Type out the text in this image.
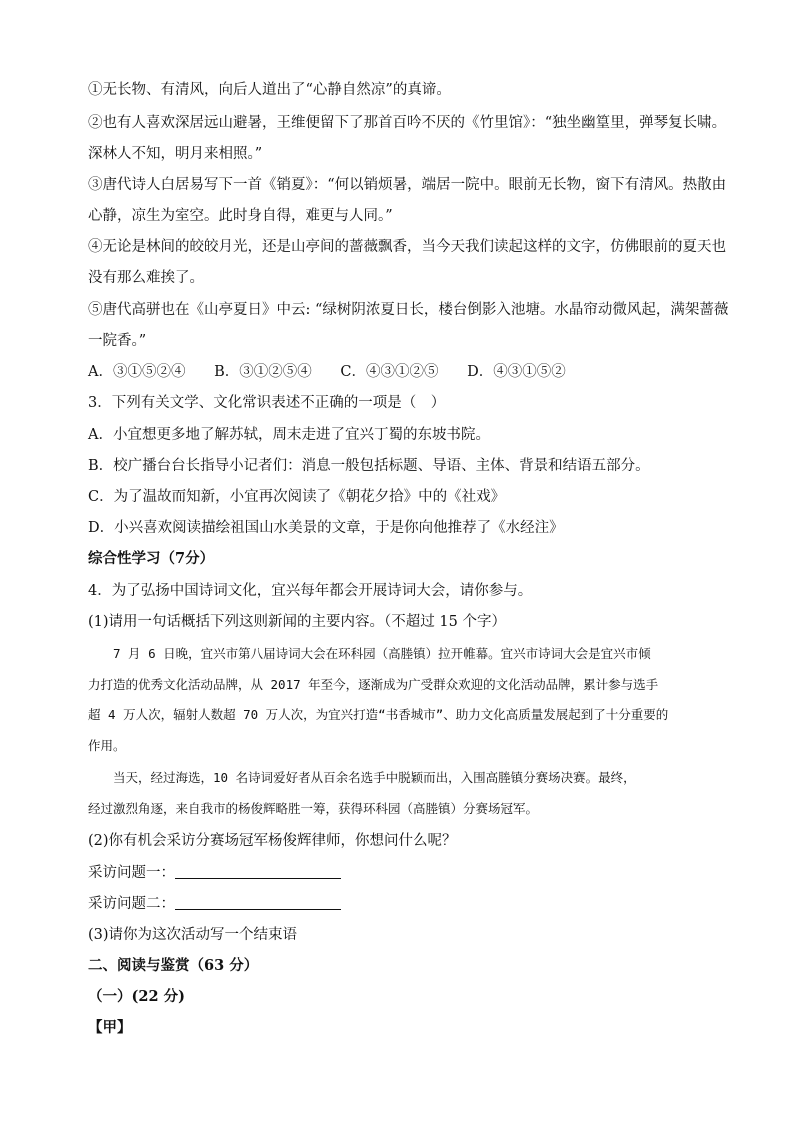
①无长物、有清风，向后人道出了“心静自然凉”的真谛。
②也有人喜欢深居远山避暑，王维便留下了那首百吟不厌的《竹里馆》：“独坐幽篁里，弹琴复长啸。
深林人不知，明月来相照。”
③唐代诗人白居易写下一首《销夏》：“何以销烦暑，端居一院中。眼前无长物，窗下有清风。热散由
心静，凉生为室空。此时身自得，难更与人同。”
④无论是林间的皎皎月光，还是山亭间的蔷薇飘香，当今天我们读起这样的文字，仿佛眼前的夏天也
没有那么难挨了。
⑤唐代高骈也在《山亭夏日》中云: “绿树阴浓夏日长，楼台倒影入池塘。水晶帘动微风起，满架蔷薇
一院香。”
A．③①⑤②④ B．③①②⑤④ C．④③①②⑤ D．④③①⑤②
3．下列有关文学、文化常识表述不正确的一项是（　）
A．小宜想更多地了解苏轼，周末走进了宜兴丁蜀的东坡书院。
B．校广播台台长指导小记者们：消息一般包括标题、导语、主体、背景和结语五部分。
C．为了温故而知新，小宜再次阅读了《朝花夕拾》中的《社戏》
D．小兴喜欢阅读描绘祖国山水美景的文章，于是你向他推荐了《水经注》
综合性学习（7分）
4．为了弘扬中国诗词文化，宜兴每年都会开展诗词大会，请你参与。
(1)请用一句话概括下列这则新闻的主要内容。（不超过 15 个字）
　　7 月 6 日晚，宜兴市第八届诗词大会在环科园（高塍镇）拉开帷幕。宜兴市诗词大会是宜兴市倾
力打造的优秀文化活动品牌，从 2017 年至今，逐渐成为广受群众欢迎的文化活动品牌，累计参与选手
超 4 万人次，辐射人数超 70 万人次，为宜兴打造“书香城市”、助力文化高质量发展起到了十分重要的
作用。
　　当天，经过海选，10 名诗词爱好者从百余名选手中脱颖而出，入围高塍镇分赛场决赛。最终，
经过激烈角逐，来自我市的杨俊辉略胜一筹，获得环科园（高塍镇）分赛场冠军。
(2)你有机会采访分赛场冠军杨俊辉律师，你想问什么呢？
采访问题一：
采访问题二：
(3)请你为这次活动写一个结束语
二、阅读与鉴赏（63 分）
（一）(22 分)
【甲】
